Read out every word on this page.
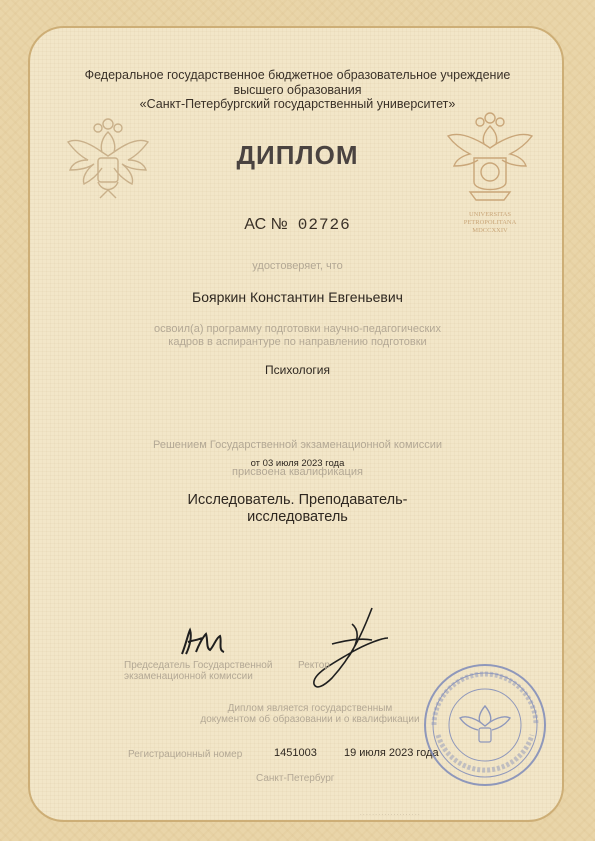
Федеральное государственное бюджетное образовательное учреждение
высшего образования
«Санкт-Петербургский государственный университет»
UNIVERSITAS
PETROPOLITANA
MDCCXXIV
ДИПЛОМ
АС № 02726
удостоверяет, что
Бояркин Константин Евгеньевич
освоил(а) программу подготовки научно-педагогических
кадров в аспирантуре по направлению подготовки
Психология
Решением Государственной экзаменационной комиссии
от 03 июля 2023 года
присвоена квалификация
Исследователь. Преподаватель-
исследователь
Председатель Государственной
экзаменационной комиссии
Ректор
Диплом является государственным
документом об образовании и о квалификации
Регистрационный номер	1451003 19 июля 2023 года
Санкт-Петербург
· · · · · · · · · · · · · · · · · · · ·
